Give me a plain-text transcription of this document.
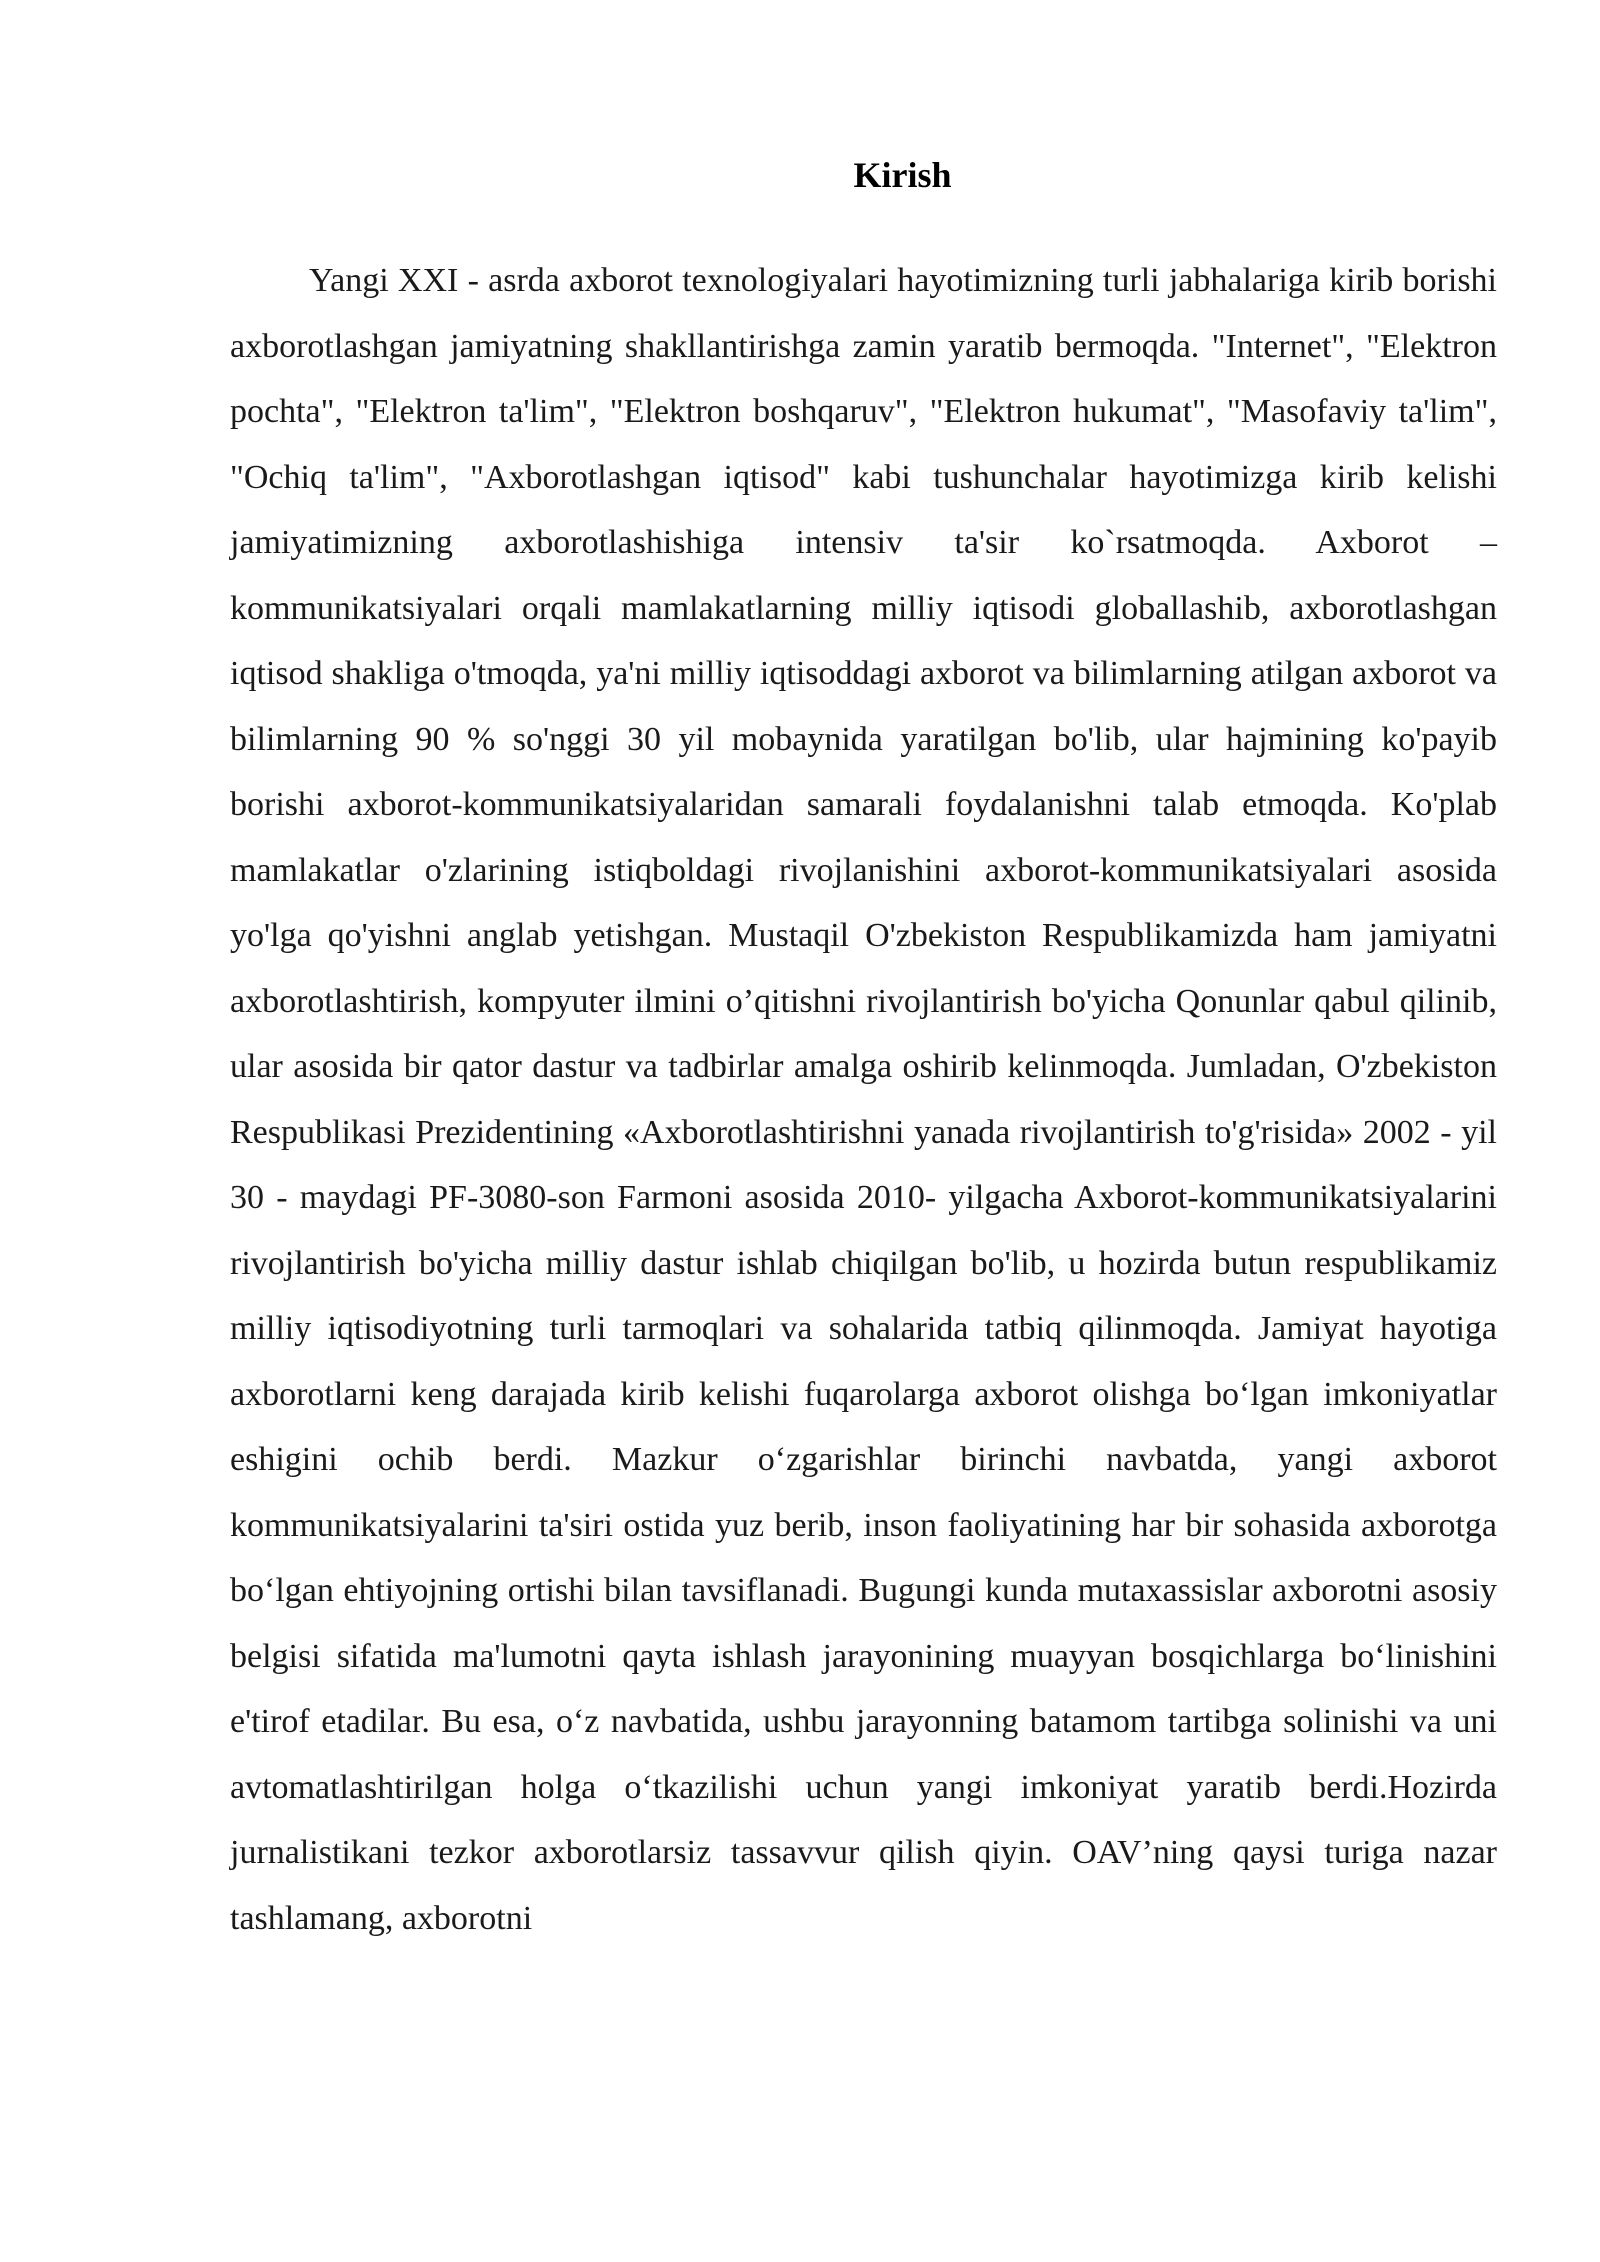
Kirish

Yangi XXI - asrda axborot texnologiyalari hayotimizning turli jabhalariga kirib borishi axborotlashgan jamiyatning shakllantirishga zamin yaratib bermoqda. "Internet", "Elektron pochta", "Elektron ta'lim", "Elektron boshqaruv", "Elektron hukumat", "Masofaviy ta'lim", "Ochiq ta'lim", "Axborotlashgan iqtisod" kabi tushunchalar hayotimizga kirib kelishi jamiyatimizning axborotlashishiga intensiv ta'sir ko`rsatmoqda. Axborot – kommunikatsiyalari orqali mamlakatlarning milliy iqtisodi globallashib, axborotlashgan iqtisod shakliga o'tmoqda, ya'ni milliy iqtisoddagi axborot va bilimlarning atilgan axborot va bilimlarning 90 % so'nggi 30 yil mobaynida yaratilgan bo'lib, ular hajmining ko'payib borishi axborot-kommunikatsiyalaridan samarali foydalanishni talab etmoqda. Ko'plab mamlakatlar o'zlarining istiqboldagi rivojlanishini axborot-kommunikatsiyalari asosida yo'lga qo'yishni anglab yetishgan. Mustaqil O'zbekiston Respublikamizda ham jamiyatni axborotlashtirish, kompyuter ilmini o’qitishni rivojlantirish bo'yicha Qonunlar qabul qilinib, ular asosida bir qator dastur va tadbirlar amalga oshirib kelinmoqda. Jumladan, O'zbekiston Respublikasi Prezidentining «Axborotlashtirishni yanada rivojlantirish to'g'risida» 2002 - yil 30 - maydagi PF-3080-son Farmoni asosida 2010- yilgacha Axborot-kommunikatsiyalarini rivojlantirish bo'yicha milliy dastur ishlab chiqilgan bo'lib, u hozirda butun respublikamiz milliy iqtisodiyotning turli tarmoqlari va sohalarida tatbiq qilinmoqda. Jamiyat hayotiga axborotlarni keng darajada kirib kelishi fuqarolarga axborot olishga boʻlgan imkoniyatlar eshigini ochib berdi. Mazkur oʻzgarishlar birinchi navbatda, yangi axborot kommunikatsiyalarini ta'siri ostida yuz berib, inson faoliyatining har bir sohasida axborotga boʻlgan ehtiyojning ortishi bilan tavsiflanadi. Bugungi kunda mutaxassislar axborotni asosiy belgisi sifatida ma'lumotni qayta ishlash jarayonining muayyan bosqichlarga boʻlinishini e'tirof etadilar. Bu esa, oʻz navbatida, ushbu jarayonning batamom tartibga solinishi va uni avtomatlashtirilgan holga oʻtkazilishi uchun yangi imkoniyat yaratib berdi.Hozirda jurnalistikani tezkor axborotlarsiz tassavvur qilish qiyin. OAV’ning qaysi turiga nazar tashlamang, axborotni
